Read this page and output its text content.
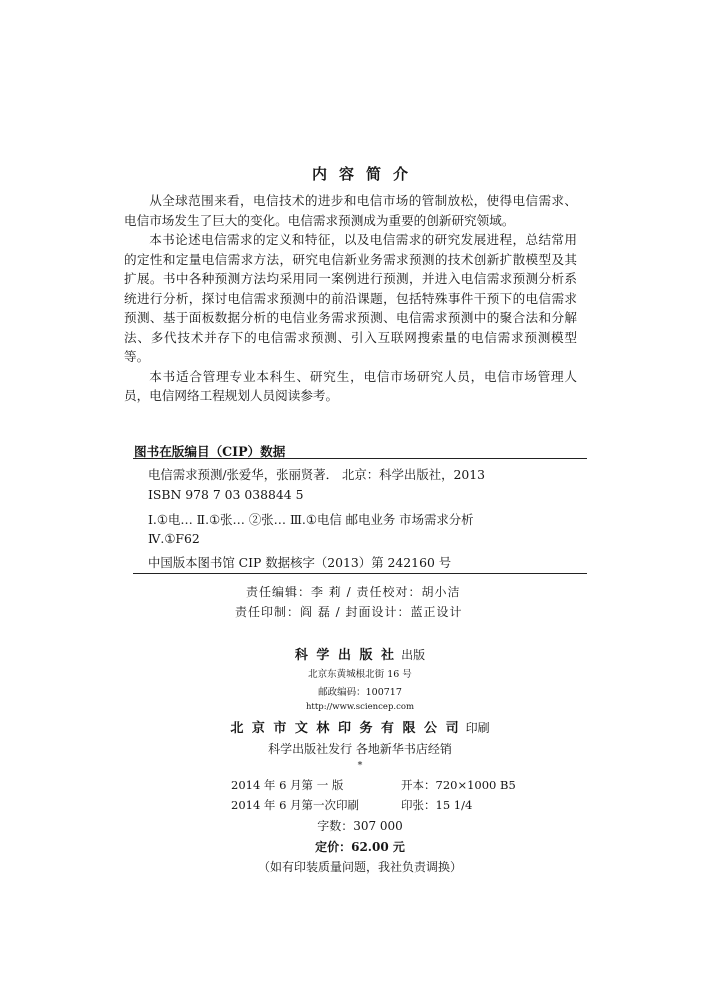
内容简介
从全球范围来看，电信技术的进步和电信市场的管制放松，使得电信需求、电信市场发生了巨大的变化。电信需求预测成为重要的创新研究领域。
本书论述电信需求的定义和特征，以及电信需求的研究发展进程，总结常用的定性和定量电信需求方法，研究电信新业务需求预测的技术创新扩散模型及其扩展。书中各种预测方法均采用同一案例进行预测，并进入电信需求预测分析系统进行分析，探讨电信需求预测中的前沿课题，包括特殊事件干预下的电信需求预测、基于面板数据分析的电信业务需求预测、电信需求预测中的聚合法和分解法、多代技术并存下的电信需求预测、引入互联网搜索量的电信需求预测模型等。
本书适合管理专业本科生、研究生，电信市场研究人员，电信市场管理人员，电信网络工程规划人员阅读参考。
图书在版编目（CIP）数据
电信需求预测/张爱华，张丽贤著． 北京：科学出版社，2013
ISBN 978 7 03 038844 5
Ⅰ.①电… Ⅱ.①张… ②张… Ⅲ.①电信 邮电业务 市场需求分析
Ⅳ.①F62
中国版本图书馆 CIP 数据核字（2013）第 242160 号
责任编辑：李 莉 / 责任校对：胡小洁
责任印制：阎 磊 / 封面设计：蓝正设计
科 学 出 版 社 出版
北京东黄城根北街 16 号
邮政编码：100717
http://www.sciencep.com
北 京 市 文 林 印 务 有 限 公 司 印刷
科学出版社发行 各地新华书店经销
*
2014 年 6 月第 一 版	开本：720×1000 B5
2014 年 6 月第一次印刷	印张：15 1/4
字数：307 000
定价：62.00 元
（如有印装质量问题，我社负责调换）
